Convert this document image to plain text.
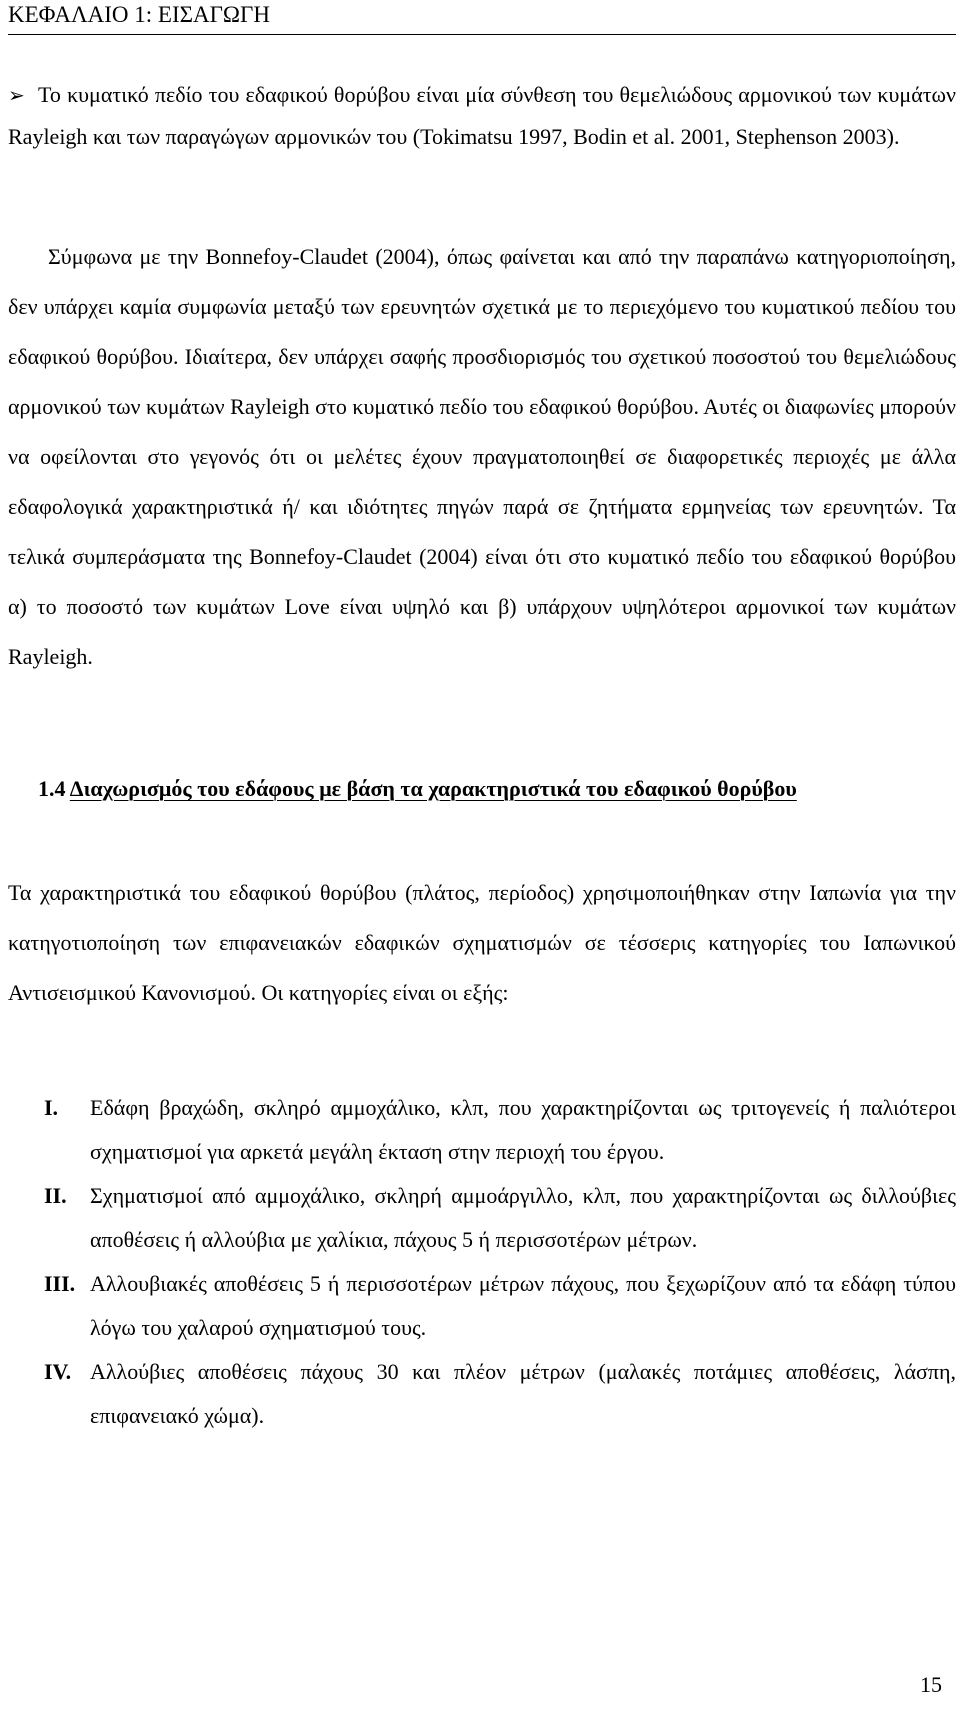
ΚΕΦΑΛΑΙΟ 1: ΕΙΣΑΓΩΓΗ
➢ Το κυματικό πεδίο του εδαφικού θορύβου είναι μία σύνθεση του θεμελιώδους αρμονικού των κυμάτων Rayleigh και των παραγώγων αρμονικών του (Tokimatsu 1997, Bodin et al. 2001, Stephenson 2003).

Σύμφωνα με την Bonnefoy-Claudet (2004), όπως φαίνεται και από την παραπάνω κατηγοριοποίηση, δεν υπάρχει καμία συμφωνία μεταξύ των ερευνητών σχετικά με το περιεχόμενο του κυματικού πεδίου του εδαφικού θορύβου. Ιδιαίτερα, δεν υπάρχει σαφής προσδιορισμός του σχετικού ποσοστού του θεμελιώδους αρμονικού των κυμάτων Rayleigh στο κυματικό πεδίο του εδαφικού θορύβου. Αυτές οι διαφωνίες μπορούν να οφείλονται στο γεγονός ότι οι μελέτες έχουν πραγματοποιηθεί σε διαφορετικές περιοχές με άλλα εδαφολογικά χαρακτηριστικά ή/ και ιδιότητες πηγών παρά σε ζητήματα ερμηνείας των ερευνητών. Τα τελικά συμπεράσματα της Bonnefoy-Claudet (2004) είναι ότι στο κυματικό πεδίο του εδαφικού θορύβου α) το ποσοστό των κυμάτων Love είναι υψηλό και β) υπάρχουν υψηλότεροι αρμονικοί των κυμάτων Rayleigh.

1.4 Διαχωρισμός του εδάφους με βάση τα χαρακτηριστικά του εδαφικού θορύβου

Τα χαρακτηριστικά του εδαφικού θορύβου (πλάτος, περίοδος) χρησιμοποιήθηκαν στην Ιαπωνία για την κατηγοτιοποίηση των επιφανειακών εδαφικών σχηματισμών σε τέσσερις κατηγορίες του Ιαπωνικού Αντισεισμικού Κανονισμού. Οι κατηγορίες είναι οι εξής:

I. Εδάφη βραχώδη, σκληρό αμμοχάλικο, κλπ, που χαρακτηρίζονται ως τριτογενείς ή παλιότεροι σχηματισμοί για αρκετά μεγάλη έκταση στην περιοχή του έργου.
II. Σχηματισμοί από αμμοχάλικο, σκληρή αμμοάργιλλο, κλπ, που χαρακτηρίζονται ως διλλούβιες αποθέσεις ή αλλούβια με χαλίκια, πάχους 5 ή περισσοτέρων μέτρων.
III. Αλλουβιακές αποθέσεις 5 ή περισσοτέρων μέτρων πάχους, που ξεχωρίζουν από τα εδάφη τύπου λόγω του χαλαρού σχηματισμού τους.
IV. Αλλούβιες αποθέσεις πάχους 30 και πλέον μέτρων (μαλακές ποτάμιες αποθέσεις, λάσπη, επιφανειακό χώμα).
15
